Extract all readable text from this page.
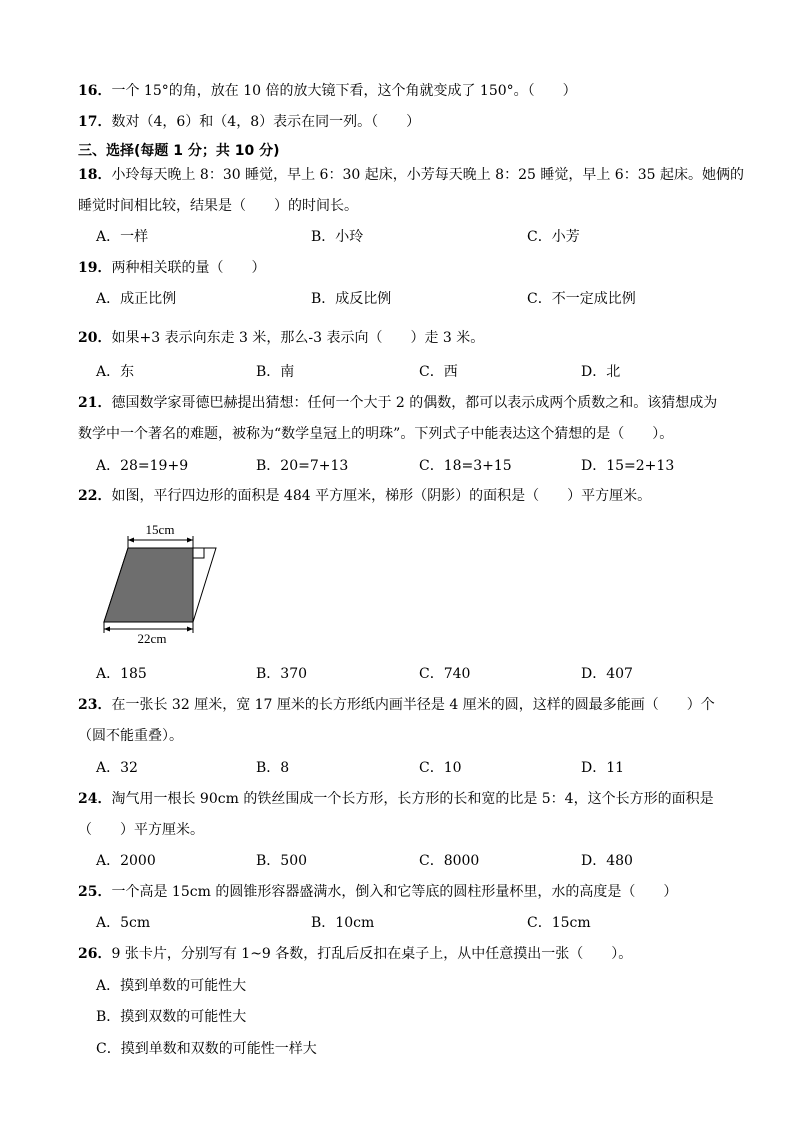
16．一个 15°的角，放在 10 倍的放大镜下看，这个角就变成了 150°。（　　）
17．数对（4，6）和（4，8）表示在同一列。（　　）
三、选择(每题 1 分；共 10 分)
18．小玲每天晚上 8：30 睡觉，早上 6：30 起床，小芳每天晚上 8：25 睡觉，早上 6：35 起床。她俩的
睡觉时间相比较，结果是（　　）的时间长。
A．一样	B．小玲	C．小芳
19．两种相关联的量（　　）
A．成正比例	B．成反比例	C．不一定成比例
20．如果+3 表示向东走 3 米，那么-3 表示向（　　）走 3 米。
A．东	B．南	C．西	D．北
21．德国数学家哥德巴赫提出猜想：任何一个大于 2 的偶数，都可以表示成两个质数之和。该猜想成为
数学中一个著名的难题，被称为“数学皇冠上的明珠”。下列式子中能表达这个猜想的是（　　）。
A．28=19+9	B．20=7+13	C．18=3+15	D．15=2+13
22．如图，平行四边形的面积是 484 平方厘米，梯形（阴影）的面积是（　　）平方厘米。
15cm
22cm
A．185	B．370	C．740	D．407
23．在一张长 32 厘米，宽 17 厘米的长方形纸内画半径是 4 厘米的圆，这样的圆最多能画（　　）个
（圆不能重叠）。
A．32	B．8	C．10	D．11
24．淘气用一根长 90cm 的铁丝围成一个长方形，长方形的长和宽的比是 5：4，这个长方形的面积是
（　　）平方厘米。
A．2000	B．500	C．8000	D．480
25．一个高是 15cm 的圆锥形容器盛满水，倒入和它等底的圆柱形量杯里，水的高度是（　　）
A．5cm	B．10cm	C．15cm
26．9 张卡片，分别写有 1~9 各数，打乱后反扣在桌子上，从中任意摸出一张（　　）。
A．摸到单数的可能性大
B．摸到双数的可能性大
C．摸到单数和双数的可能性一样大
